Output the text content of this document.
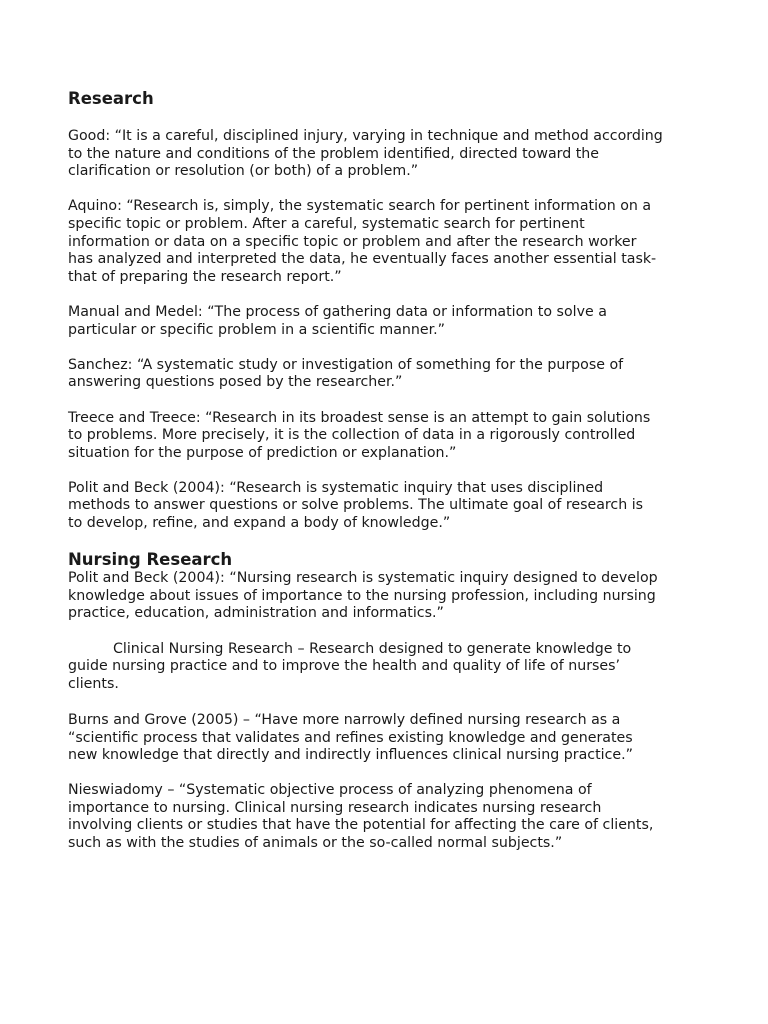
Research

Good: “It is a careful, disciplined injury, varying in technique and method according
to the nature and conditions of the problem identified, directed toward the
clarification or resolution (or both) of a problem.”

Aquino: “Research is, simply, the systematic search for pertinent information on a
specific topic or problem. After a careful, systematic search for pertinent
information or data on a specific topic or problem and after the research worker
has analyzed and interpreted the data, he eventually faces another essential task-
that of preparing the research report.”

Manual and Medel: “The process of gathering data or information to solve a
particular or specific problem in a scientific manner.”

Sanchez: “A systematic study or investigation of something for the purpose of
answering questions posed by the researcher.”

Treece and Treece: “Research in its broadest sense is an attempt to gain solutions
to problems. More precisely, it is the collection of data in a rigorously controlled
situation for the purpose of prediction or explanation.”

Polit and Beck (2004): “Research is systematic inquiry that uses disciplined
methods to answer questions or solve problems. The ultimate goal of research is
to develop, refine, and expand a body of knowledge.”

Nursing Research

Polit and Beck (2004): “Nursing research is systematic inquiry designed to develop
knowledge about issues of importance to the nursing profession, including nursing
practice, education, administration and informatics.”

Clinical Nursing Research – Research designed to generate knowledge to
guide nursing practice and to improve the health and quality of life of nurses’
clients.

Burns and Grove (2005) – “Have more narrowly defined nursing research as a
“scientific process that validates and refines existing knowledge and generates
new knowledge that directly and indirectly influences clinical nursing practice.”

Nieswiadomy – “Systematic objective process of analyzing phenomena of
importance to nursing. Clinical nursing research indicates nursing research
involving clients or studies that have the potential for affecting the care of clients,
such as with the studies of animals or the so-called normal subjects.”
